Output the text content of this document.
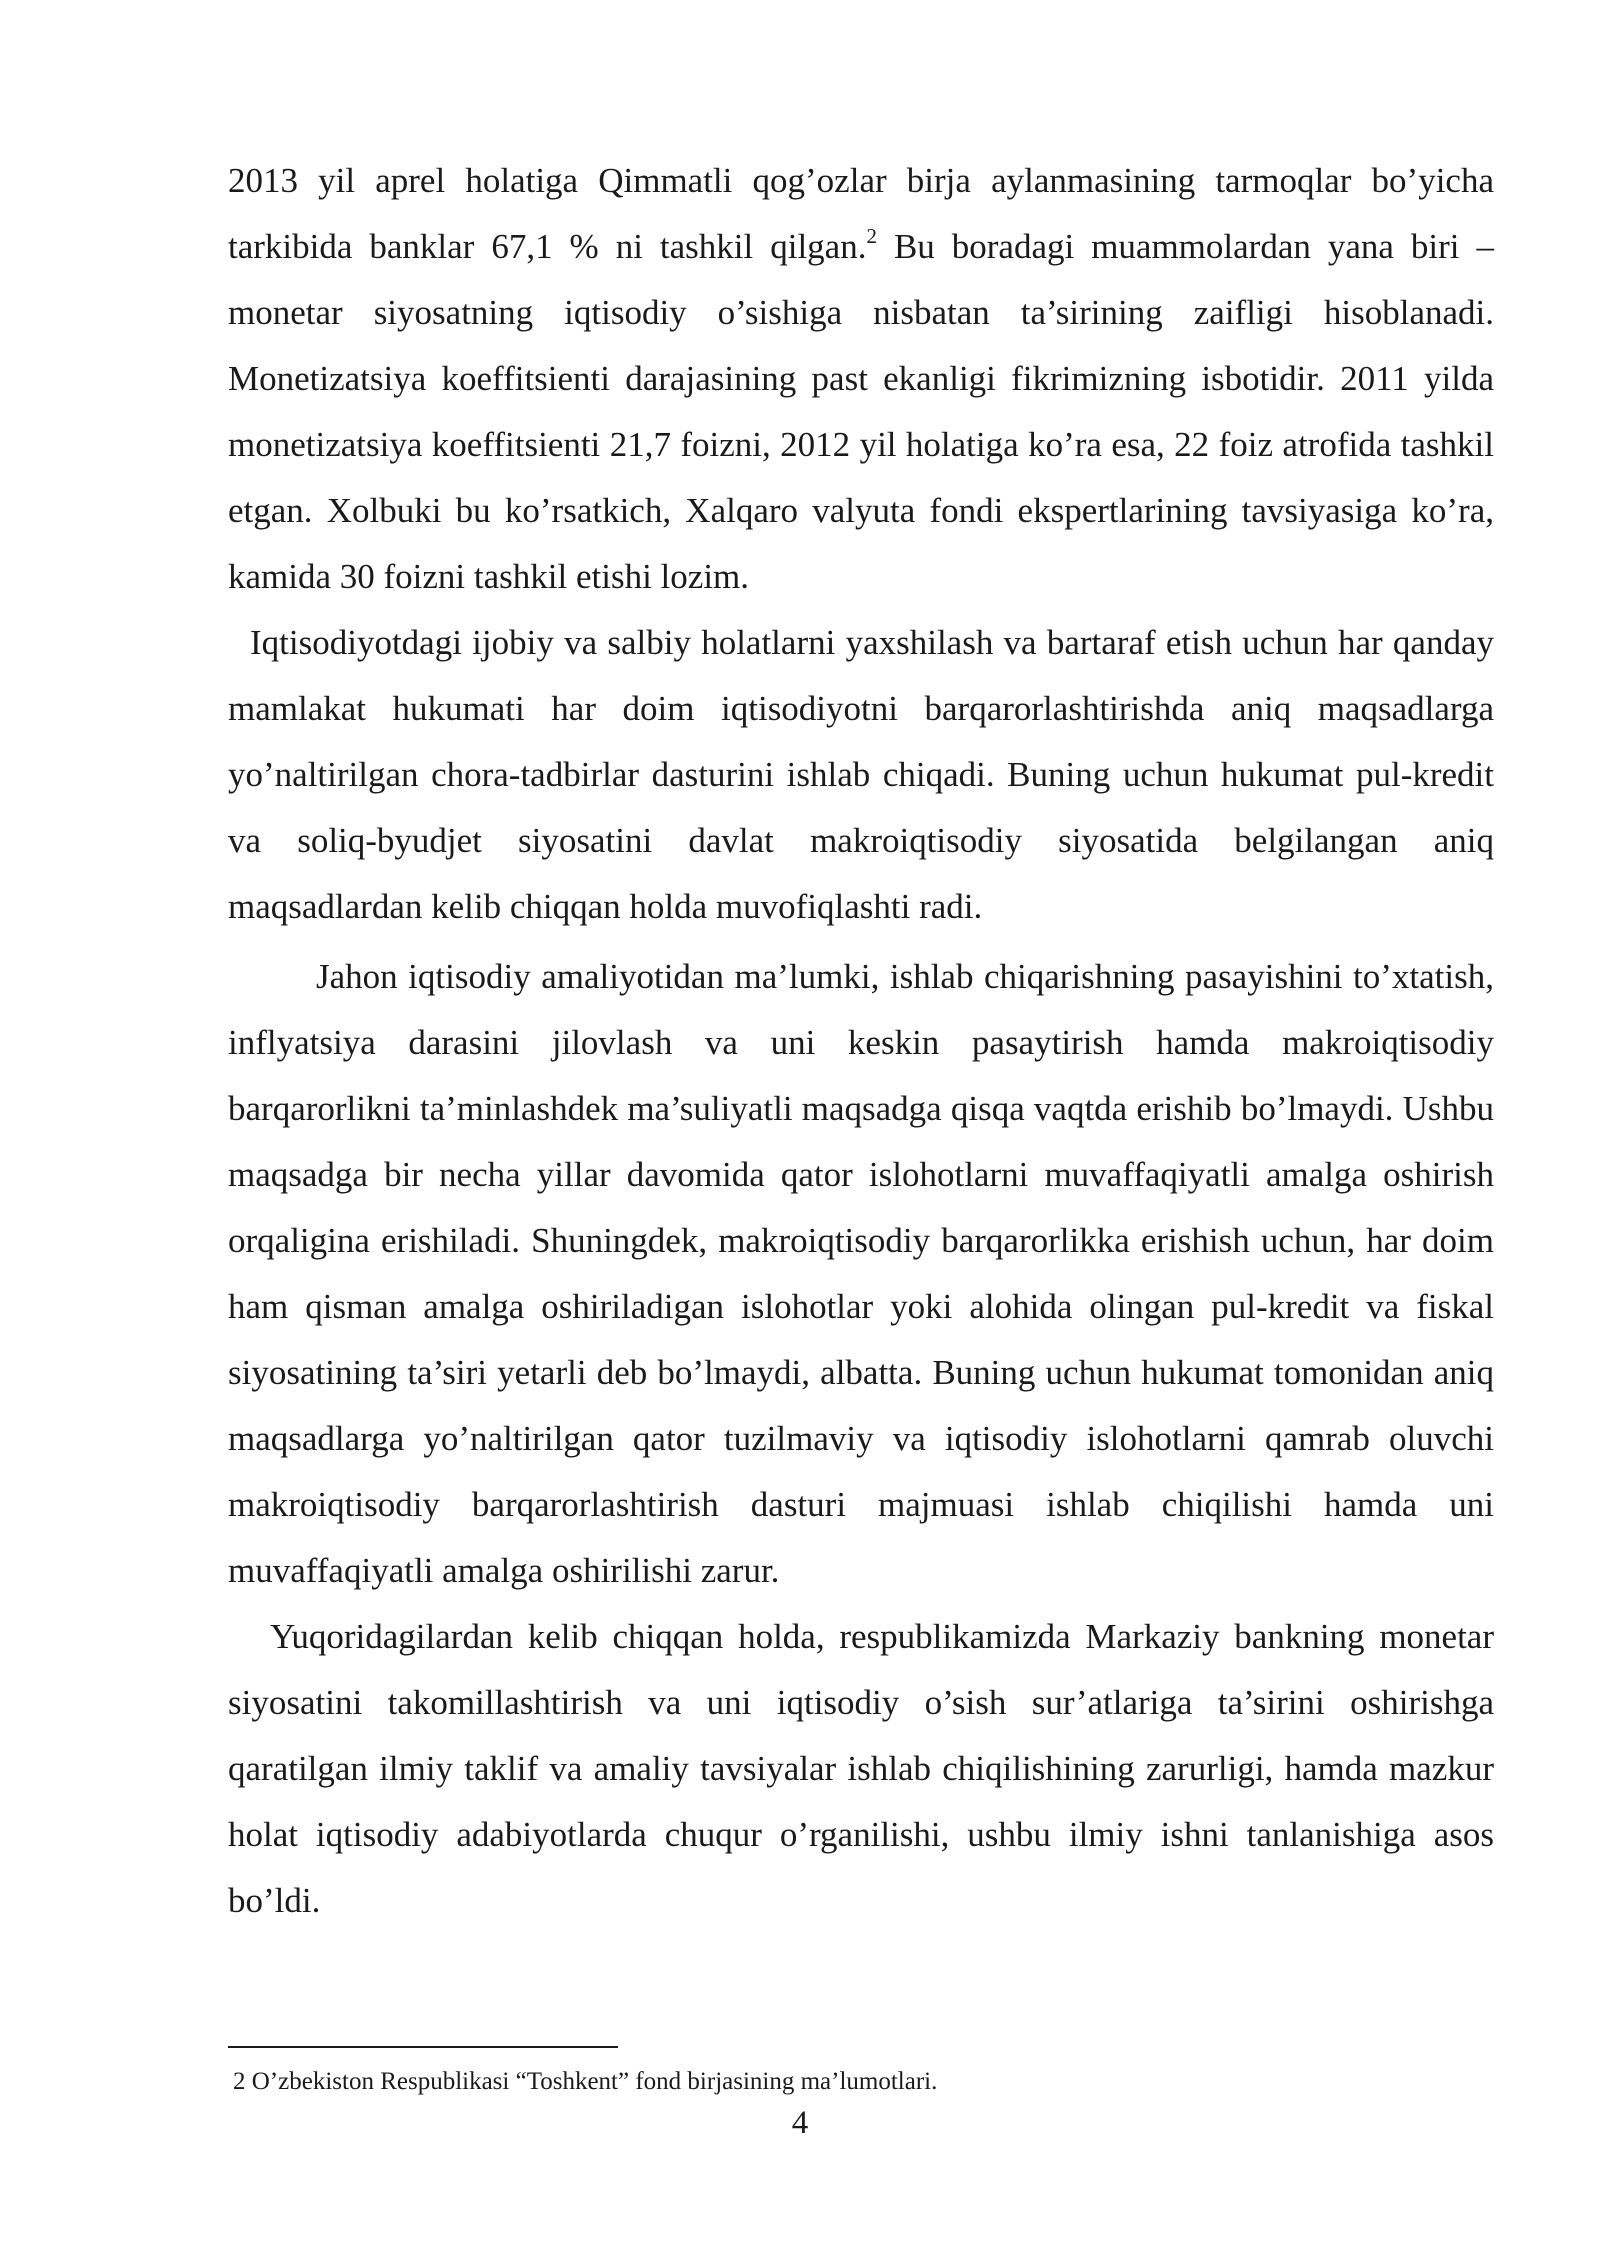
2013 yil aprel holatiga Qimmatli qog’ozlar birja aylanmasining tarmoqlar bo’yicha tarkibida banklar 67,1 % ni tashkil qilgan.$^2$ Bu boradagi muammolardan yana biri – monetar siyosatning iqtisodiy o’sishiga nisbatan ta’sirining zaifligi hisoblanadi. Monetizatsiya koeffitsienti darajasining past ekanligi fikrimizning isbotidir. 2011 yilda monetizatsiya koeffitsienti 21,7 foizni, 2012 yil holatiga ko’ra esa, 22 foiz atrofida tashkil etgan. Xolbuki bu ko’rsatkich, Xalqaro valyuta fondi ekspertlarining tavsiyasiga ko’ra, kamida 30 foizni tashkil etishi lozim.

Iqtisodiyotdagi ijobiy va salbiy holatlarni yaxshilash va bartaraf etish uchun har qanday mamlakat hukumati har doim iqtisodiyotni barqarorlashtirishda aniq maqsadlarga yo’naltirilgan chora-tadbirlar dasturini ishlab chiqadi. Buning uchun hukumat pul-kredit va soliq-byudjet siyosatini davlat makroiqtisodiy siyosatida belgilangan aniq maqsadlardan kelib chiqqan holda muvofiqlashti radi.

Jahon iqtisodiy amaliyotidan ma’lumki, ishlab chiqarishning pasayishini to’xtatish, inflyatsiya darasini jilovlash va uni keskin pasaytirish hamda makroiqtisodiy barqarorlikni ta’minlashdek ma’suliyatli maqsadga qisqa vaqtda erishib bo’lmaydi. Ushbu maqsadga bir necha yillar davomida qator islohotlarni muvaffaqiyatli amalga oshirish orqaligina erishiladi. Shuningdek, makroiqtisodiy barqarorlikka erishish uchun, har doim ham qisman amalga oshiriladigan islohotlar yoki alohida olingan pul-kredit va fiskal siyosatining ta’siri yetarli deb bo’lmaydi, albatta. Buning uchun hukumat tomonidan aniq maqsadlarga yo’naltirilgan qator tuzilmaviy va iqtisodiy islohotlarni qamrab oluvchi makroiqtisodiy barqarorlashtirish dasturi majmuasi ishlab chiqilishi hamda uni muvaffaqiyatli amalga oshirilishi zarur.

Yuqoridagilardan kelib chiqqan holda, respublikamizda Markaziy bankning monetar siyosatini takomillashtirish va uni iqtisodiy o’sish sur’atlariga ta’sirini oshirishga qaratilgan ilmiy taklif va amaliy tavsiyalar ishlab chiqilishining zarurligi, hamda mazkur holat iqtisodiy adabiyotlarda chuqur o’rganilishi, ushbu ilmiy ishni tanlanishiga asos bo’ldi.

2 O’zbekiston Respublikasi “Toshkent” fond birjasining ma’lumotlari.
4
